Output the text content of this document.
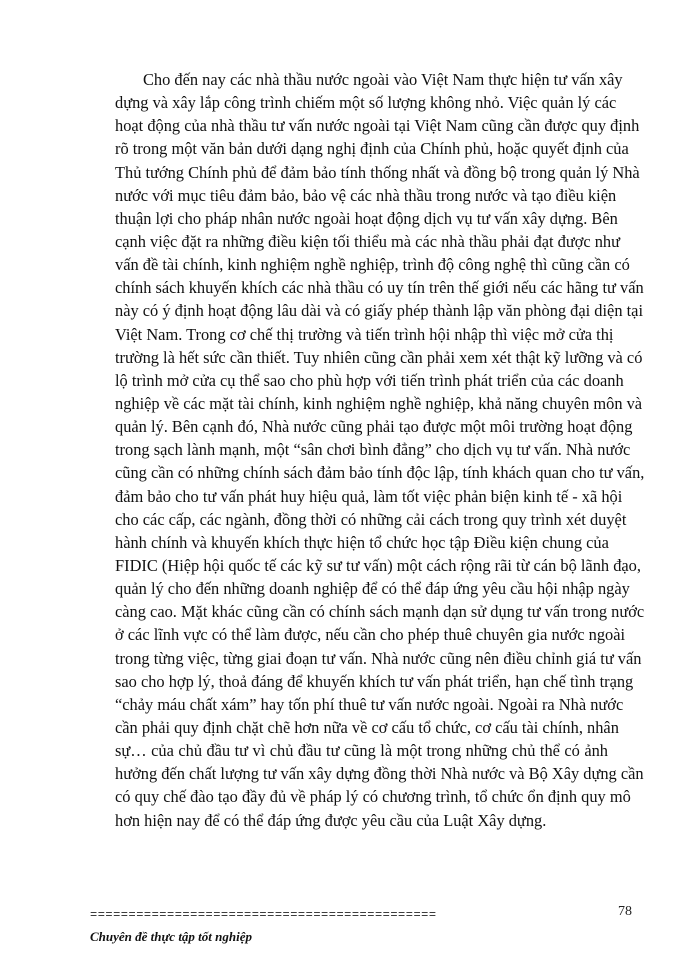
Cho đến nay các nhà thầu nước ngoài vào Việt Nam thực hiện tư vấn xây
dựng và xây lắp công trình chiếm một số lượng không nhỏ. Việc quản lý các
hoạt động của nhà thầu tư vấn nước ngoài tại Việt Nam cũng cần được quy định
rõ trong một văn bản dưới dạng nghị định của Chính phủ, hoặc quyết định của
Thủ tướng Chính phủ để đảm bảo tính thống nhất và đồng bộ trong quản lý Nhà
nước với mục tiêu đảm bảo, bảo vệ các nhà thầu trong nước và tạo điều kiện
thuận lợi cho pháp nhân nước ngoài hoạt động dịch vụ tư vấn xây dựng. Bên
cạnh việc đặt ra những điều kiện tối thiểu mà các nhà thầu phải đạt được như
vấn đề tài chính, kinh nghiệm nghề nghiệp, trình độ công nghệ thì cũng cần có
chính sách khuyến khích các nhà thầu có uy tín trên thế giới nếu các hãng tư vấn
này có ý định hoạt động lâu dài và có giấy phép thành lập văn phòng đại diện tại
Việt Nam. Trong cơ chế thị trường và tiến trình hội nhập thì việc mở cửa thị
trường là hết sức cần thiết. Tuy nhiên cũng cần phải xem xét thật kỹ lưỡng và có
lộ trình mở cửa cụ thể sao cho phù hợp với tiến trình phát triển của các doanh
nghiệp về các mặt tài chính, kinh nghiệm nghề nghiệp, khả năng chuyên môn và
quản lý. Bên cạnh đó, Nhà nước cũng phải tạo được một môi trường hoạt động
trong sạch lành mạnh, một “sân chơi bình đẳng” cho dịch vụ tư vấn. Nhà nước
cũng cần có những chính sách đảm bảo tính độc lập, tính khách quan cho tư vấn,
đảm bảo cho tư vấn phát huy hiệu quả, làm tốt việc phản biện kinh tế - xã hội
cho các cấp, các ngành, đồng thời có những cải cách trong quy trình xét duyệt
hành chính và khuyến khích thực hiện tổ chức học tập Điều kiện chung của
FIDIC (Hiệp hội quốc tế các kỹ sư tư vấn) một cách rộng rãi từ cán bộ lãnh đạo,
quản lý cho đến những doanh nghiệp để có thể đáp ứng yêu cầu hội nhập ngày
càng cao. Mặt khác cũng cần có chính sách mạnh dạn sử dụng tư vấn trong nước
ở các lĩnh vực có thể làm được, nếu cần cho phép thuê chuyên gia nước ngoài
trong từng việc, từng giai đoạn tư vấn. Nhà nước cũng nên điều chỉnh giá tư vấn
sao cho hợp lý, thoả đáng để khuyến khích tư vấn phát triển, hạn chế tình trạng
“chảy máu chất xám” hay tốn phí thuê tư vấn nước ngoài. Ngoài ra Nhà nước
cần phải quy định chặt chẽ hơn nữa về cơ cấu tổ chức, cơ cấu tài chính, nhân
sự… của chủ đầu tư vì chủ đầu tư cũng là một trong những chủ thể có ảnh
hưởng đến chất lượng tư vấn xây dựng đồng thời Nhà nước và Bộ Xây dựng cần
có quy chế đào tạo đầy đủ về pháp lý có chương trình, tổ chức ổn định quy mô
hơn hiện nay để có thể đáp ứng được yêu cầu của Luật Xây dựng.
=============================================	78
Chuyên đề thực tập tốt nghiệp
